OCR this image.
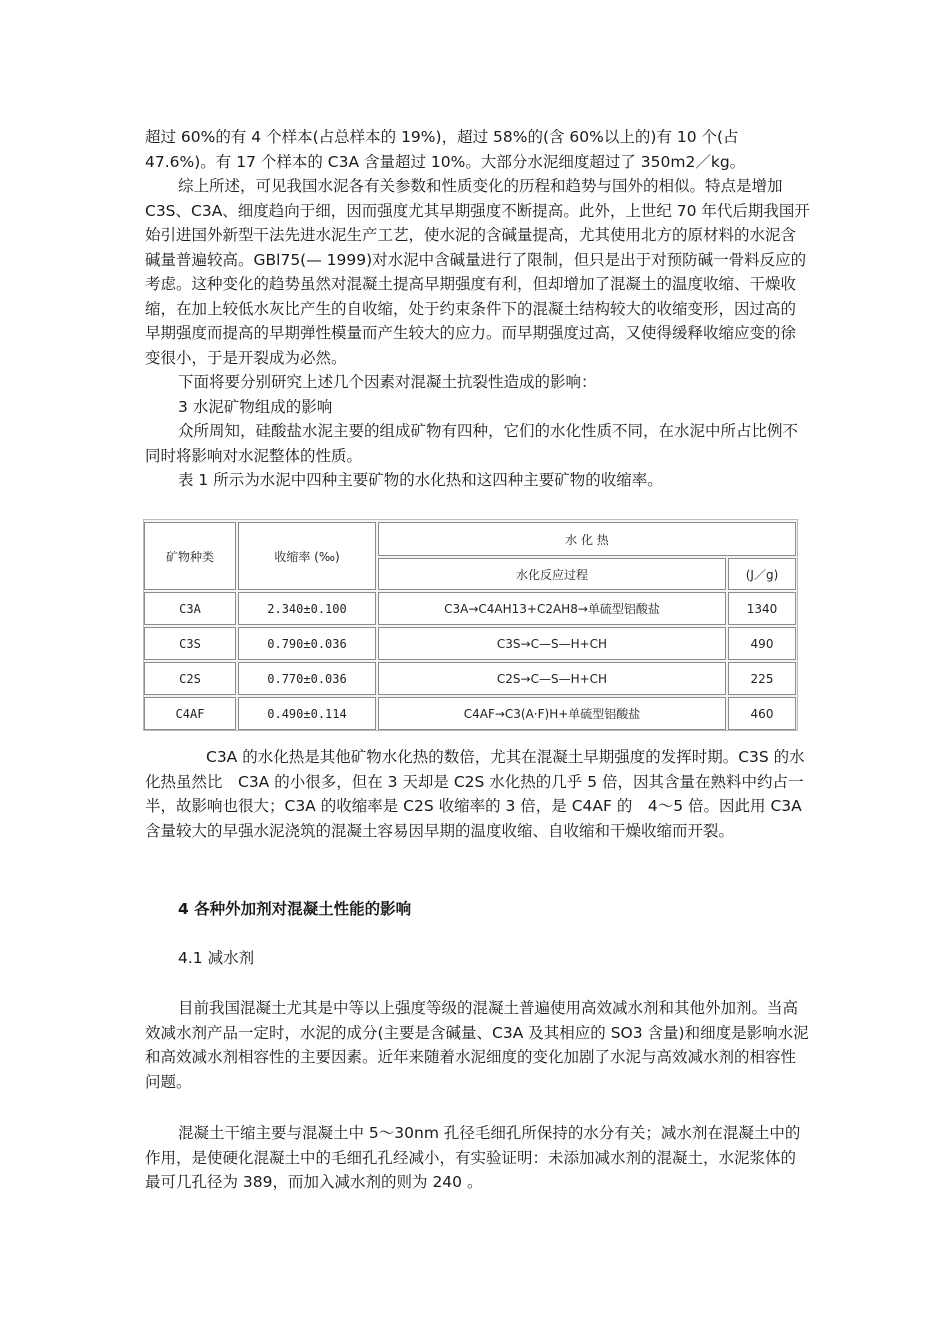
超过 60%的有 4 个样本(占总样本的 19%)，超过 58%的(含 60%以上的)有 10 个(占 47.6%)。有 17 个样本的 C3A 含量超过 10%。大部分水泥细度超过了 350m2／kg。

综上所述，可见我国水泥各有关参数和性质变化的历程和趋势与国外的相似。特点是增加 C3S、C3A、细度趋向于细，因而强度尤其早期强度不断提高。此外，上世纪 70 年代后期我国开始引进国外新型干法先进水泥生产工艺，使水泥的含碱量提高，尤其使用北方的原材料的水泥含碱量普遍较高。GBl75(— 1999)对水泥中含碱量进行了限制，但只是出于对预防碱一骨料反应的考虑。这种变化的趋势虽然对混凝土提高早期强度有利，但却增加了混凝土的温度收缩、干燥收缩，在加上较低水灰比产生的自收缩，处于约束条件下的混凝土结构较大的收缩变形，因过高的早期强度而提高的早期弹性模量而产生较大的应力。而早期强度过高，又使得缓释收缩应变的徐变很小，于是开裂成为必然。

下面将要分别研究上述几个因素对混凝土抗裂性造成的影响：

3 水泥矿物组成的影响

众所周知，硅酸盐水泥主要的组成矿物有四种，它们的水化性质不同，在水泥中所占比例不同时将影响对水泥整体的性质。

表 1 所示为水泥中四种主要矿物的水化热和这四种主要矿物的收缩率。

矿物种类	收缩率 (‰)
水 化 热
水化反应过程	(J／g)
C3A	2.340±0.100	C3A→C4AH13+C2AH8→单硫型铝酸盐	1340
C3S	0.790±0.036	C3S→C—S—H+CH	490
C2S	0.770±0.036	C2S→C—S—H+CH	225
C4AF	0.490±0.114	C4AF→C3(A·F)H+单硫型铝酸盐	460

C3A 的水化热是其他矿物水化热的数倍，尤其在混凝土早期强度的发挥时期。C3S 的水化热虽然比　C3A 的小很多，但在 3 天却是 C2S 水化热的几乎 5 倍，因其含量在熟料中约占一半，故影响也很大；C3A 的收缩率是 C2S 收缩率的 3 倍，是 C4AF 的　4～5 倍。因此用 C3A 含量较大的早强水泥浇筑的混凝土容易因早期的温度收缩、自收缩和干燥收缩而开裂。

4 各种外加剂对混凝土性能的影响

4.1 减水剂

目前我国混凝土尤其是中等以上强度等级的混凝土普遍使用高效减水剂和其他外加剂。当高效减水剂产品一定时，水泥的成分(主要是含碱量、C3A 及其相应的 SO3 含量)和细度是影响水泥和高效减水剂相容性的主要因素。近年来随着水泥细度的变化加剧了水泥与高效减水剂的相容性问题。

混凝土干缩主要与混凝土中 5～30nm 孔径毛细孔所保持的水分有关；减水剂在混凝土中的作用，是使硬化混凝土中的毛细孔孔经减小，有实验证明：未添加减水剂的混凝土，水泥浆体的最可几孔径为 389，而加入减水剂的则为 240 。
